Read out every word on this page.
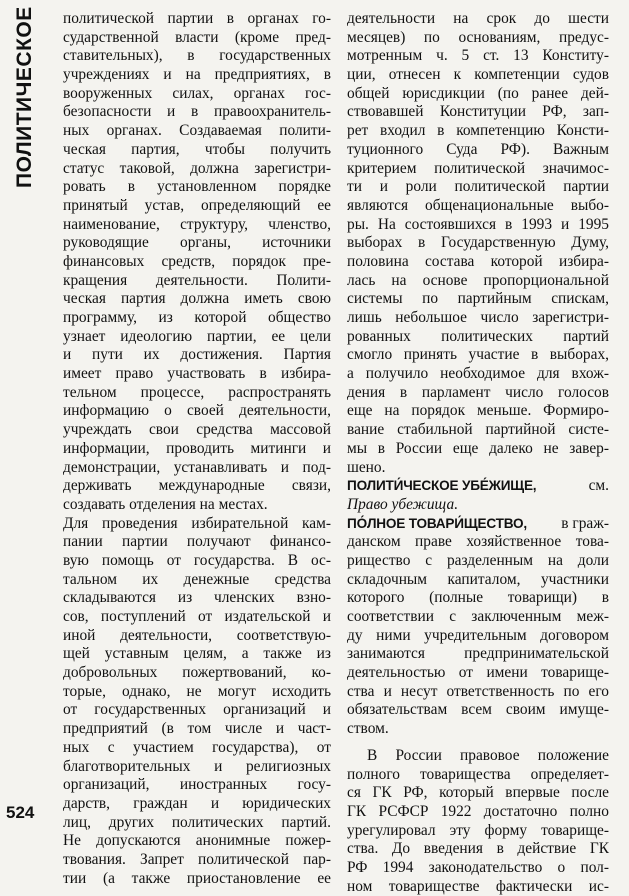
ПОЛИТИЧЕСКОЕ
524
политической партии в органах го-
сударственной власти (кроме пред-
ставительных), в государственных
учреждениях и на предприятиях, в
вооруженных силах, органах гос-
безопасности и в правоохранитель-
ных органах. Создаваемая полити-
ческая партия, чтобы получить
статус таковой, должна зарегистри-
ровать в установленном порядке
принятый устав, определяющий ее
наименование, структуру, членство,
руководящие органы, источники
финансовых средств, порядок пре-
кращения деятельности. Полити-
ческая партия должна иметь свою
программу, из которой общество
узнает идеологию партии, ее цели
и пути их достижения. Партия
имеет право участвовать в избира-
тельном процессе, распространять
информацию о своей деятельности,
учреждать свои средства массовой
информации, проводить митинги и
демонстрации, устанавливать и под-
держивать международные связи,
создавать отделения на местах.
Для проведения избирательной кам-
пании партии получают финансо-
вую помощь от государства. В ос-
тальном их денежные средства
складываются из членских взно-
сов, поступлений от издательской и
иной деятельности, соответствую-
щей уставным целям, а также из
добровольных пожертвований, ко-
торые, однако, не могут исходить
от государственных организаций и
предприятий (в том числе и част-
ных с участием государства), от
благотворительных и религиозных
организаций, иностранных госу-
дарств, граждан и юридических
лиц, других политических партий.
Не допускаются анонимные пожер-
твования. Запрет политической пар-
тии (а также приостановление ее
деятельности на срок до шести
месяцев) по основаниям, предус-
мотренным ч. 5 ст. 13 Конститу-
ции, отнесен к компетенции судов
общей юрисдикции (по ранее дей-
ствовавшей Конституции РФ, зап-
рет входил в компетенцию Консти-
туционного Суда РФ). Важным
критерием политической значимос-
ти и роли политической партии
являются общенациональные выбо-
ры. На состоявшихся в 1993 и 1995
выборах в Государственную Думу,
половина состава которой избира-
лась на основе пропорциональной
системы по партийным спискам,
лишь небольшое число зарегистри-
рованных политических партий
смогло принять участие в выборах,
а получило необходимое для вхож-
дения в парламент число голосов
еще на порядок меньше. Формиро-
вание стабильной партийной систе-
мы в России еще далеко не завер-
шено.
ПОЛИТИ́ЧЕСКОЕ УБЕ́ЖИЩЕ,	см.
Право убежища.
ПО́ЛНОЕ ТОВАРИ́ЩЕСТВО, в граж-
данском праве хозяйственное това-
рищество с разделенным на доли
складочным капиталом, участники
которого (полные товарищи) в
соответствии с заключенным меж-
ду ними учредительным договором
занимаются предпринимательской
деятельностью от имени товарище-
ства и несут ответственность по его
обязательствам всем своим имуще-
ством.
В России правовое положение
полного товарищества определяет-
ся ГК РФ, который впервые после
ГК РСФСР 1922 достаточно полно
урегулировал эту форму товарище-
ства. До введения в действие ГК
РФ 1994 законодательство о пол-
ном товариществе фактически ис-
